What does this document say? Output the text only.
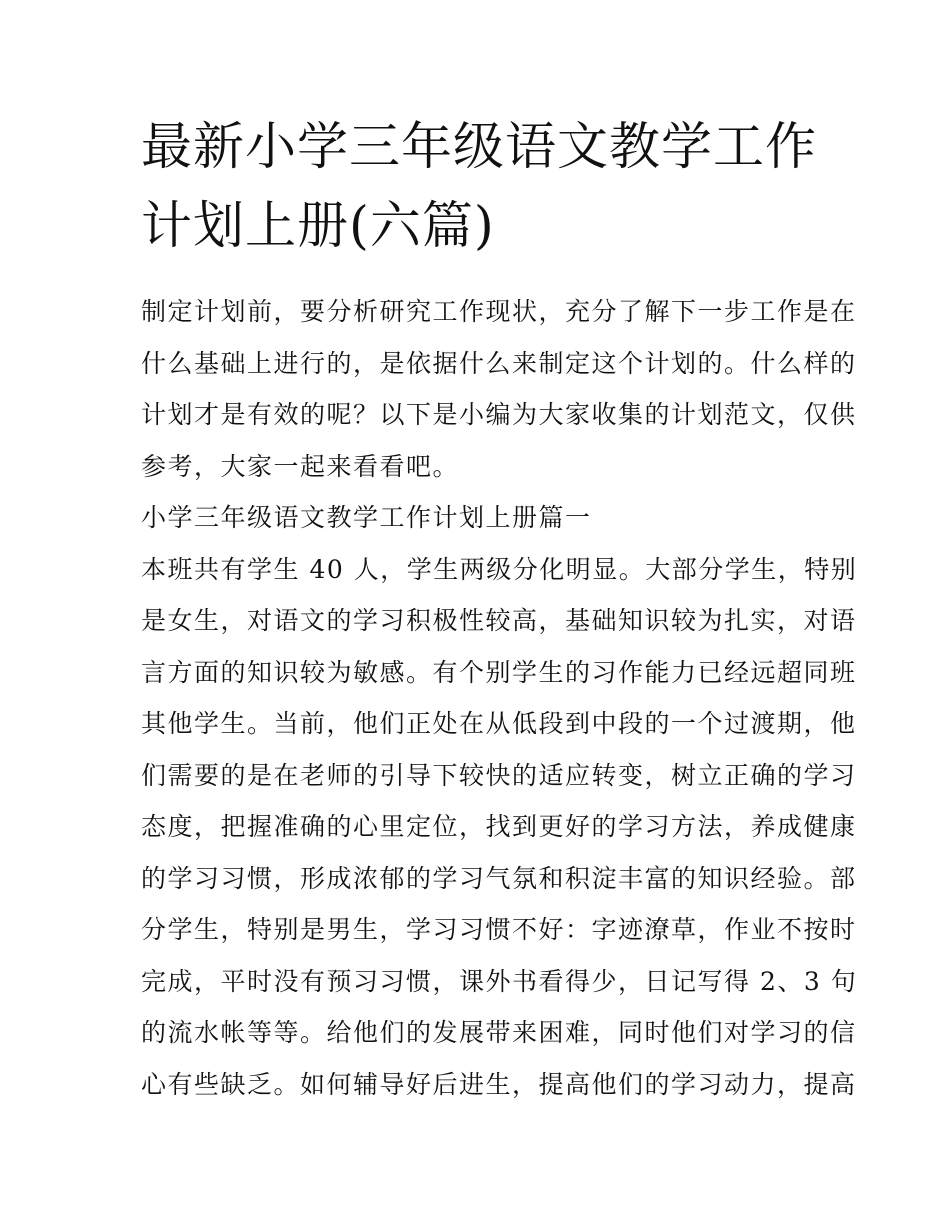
最新小学三年级语文教学工作
计划上册(六篇)

制定计划前，要分析研究工作现状，充分了解下一步工作是在
什么基础上进行的，是依据什么来制定这个计划的。什么样的
计划才是有效的呢？以下是小编为大家收集的计划范文，仅供
参考，大家一起来看看吧。

小学三年级语文教学工作计划上册篇一

本班共有学生 40 人，学生两级分化明显。大部分学生，特别
是女生，对语文的学习积极性较高，基础知识较为扎实，对语
言方面的知识较为敏感。有个别学生的习作能力已经远超同班
其他学生。当前，他们正处在从低段到中段的一个过渡期，他
们需要的是在老师的引导下较快的适应转变，树立正确的学习
态度，把握准确的心里定位，找到更好的学习方法，养成健康
的学习习惯，形成浓郁的学习气氛和积淀丰富的知识经验。部
分学生，特别是男生，学习习惯不好：字迹潦草，作业不按时
完成，平时没有预习习惯，课外书看得少，日记写得 2、3 句
的流水帐等等。给他们的发展带来困难，同时他们对学习的信
心有些缺乏。如何辅导好后进生，提高他们的学习动力，提高
